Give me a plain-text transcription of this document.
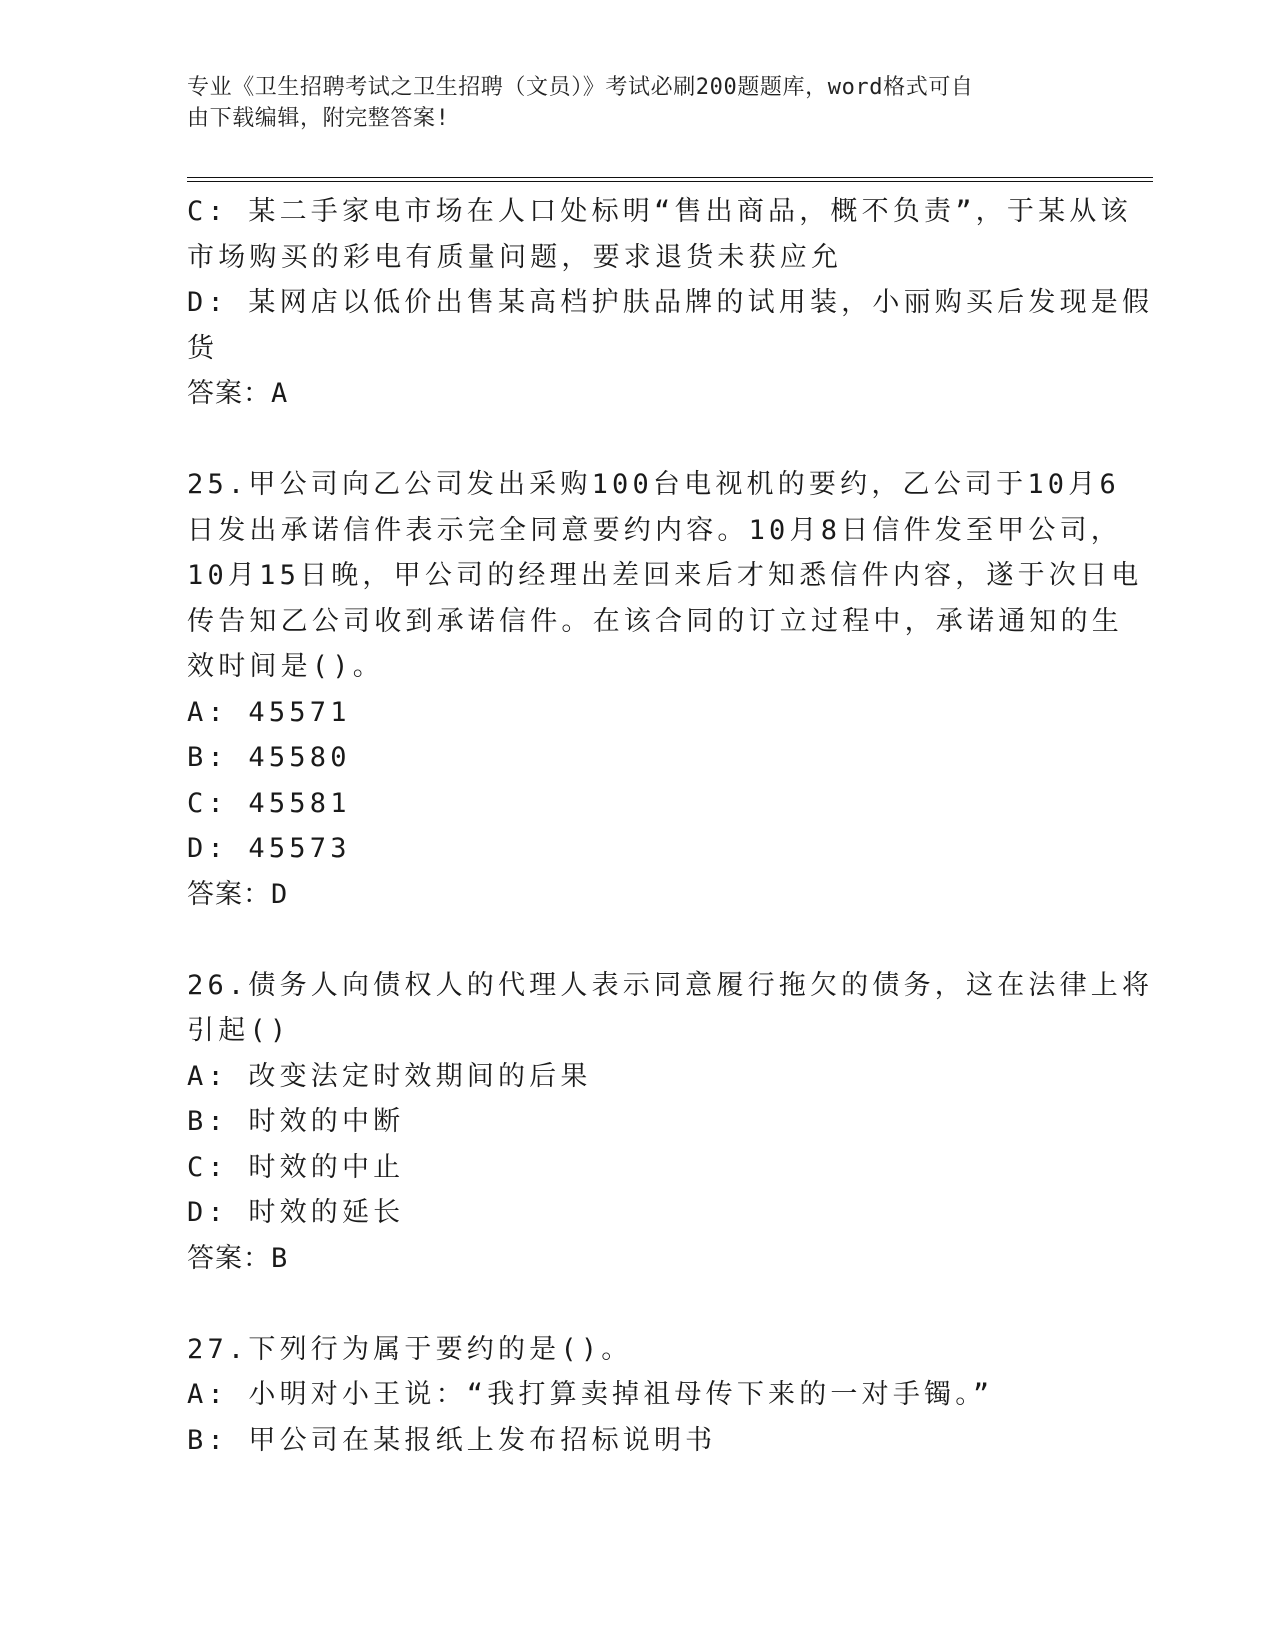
专业《卫生招聘考试之卫生招聘（文员）》考试必刷200题题库，word格式可自
由下载编辑，附完整答案!
C: 某二手家电市场在人口处标明“售出商品，概不负责”，于某从该
市场购买的彩电有质量问题，要求退货未获应允
D: 某网店以低价出售某高档护肤品牌的试用装，小丽购买后发现是假
货
答案：A
25.甲公司向乙公司发出采购100台电视机的要约，乙公司于10月6
日发出承诺信件表示完全同意要约内容。10月8日信件发至甲公司，
10月15日晚，甲公司的经理出差回来后才知悉信件内容，遂于次日电
传告知乙公司收到承诺信件。在该合同的订立过程中，承诺通知的生
效时间是()。
A: 45571
B: 45580
C: 45581
D: 45573
答案：D
26.债务人向债权人的代理人表示同意履行拖欠的债务，这在法律上将
引起()
A: 改变法定时效期间的后果
B: 时效的中断
C: 时效的中止
D: 时效的延长
答案：B
27.下列行为属于要约的是()。
A: 小明对小王说：“我打算卖掉祖母传下来的一对手镯。”
B: 甲公司在某报纸上发布招标说明书
